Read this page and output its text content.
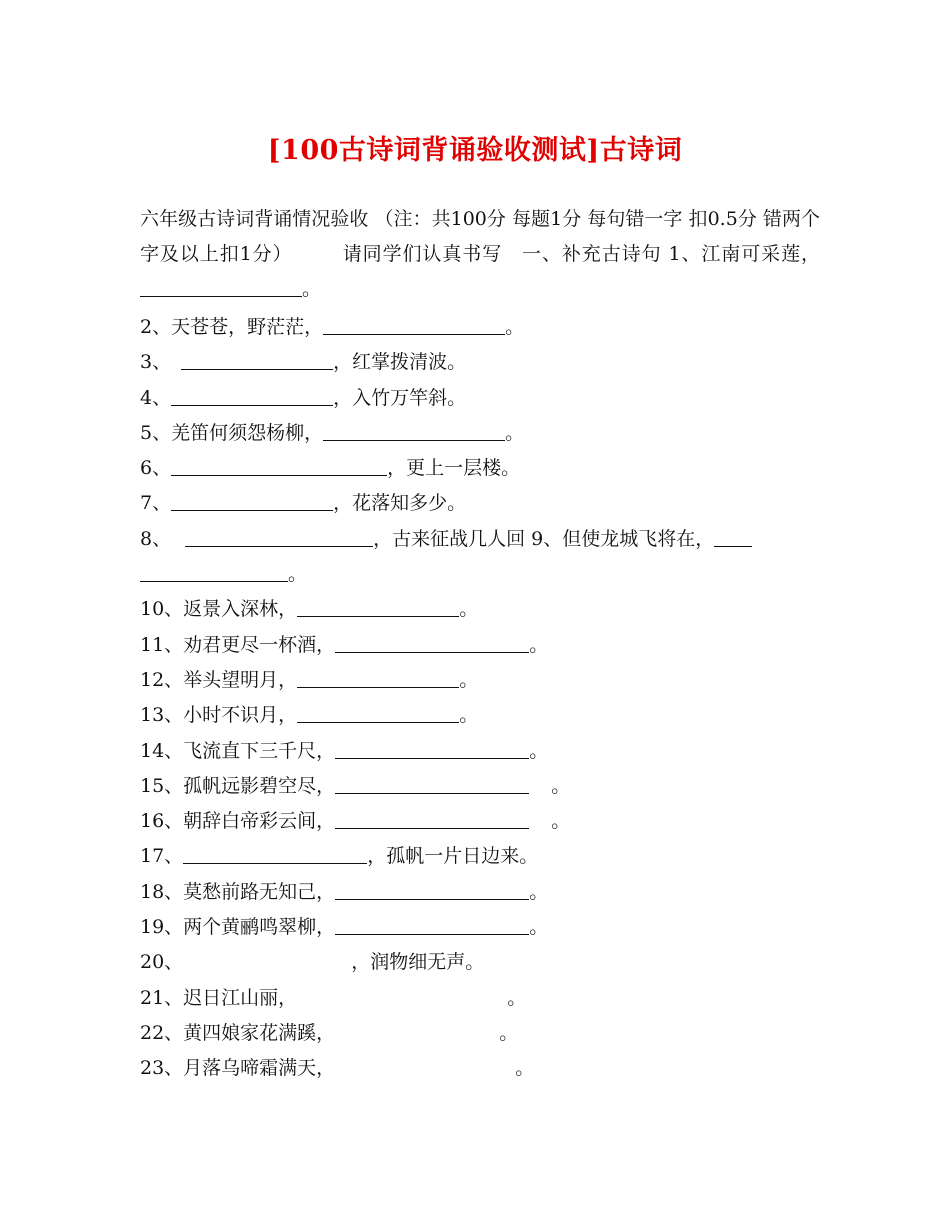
[100古诗词背诵验收测试]古诗词
六年级古诗词背诵情况验收 （注：共100分 每题1分 每句错一字 扣0.5分 错两个字及以上扣1分）　　　请同学们认真书写　一、补充古诗句 1、江南可采莲，。
2、天苍苍，野茫茫，	。
3、	，红掌拨清波。
4、	，入竹万竿斜。
5、羌笛何须怨杨柳，	。
6、	，更上一层楼。
7、	，花落知多少。
8、	，古来征战几人回 9、但使龙城飞将在，
。
10、返景入深林，	。
11、劝君更尽一杯酒，	。
12、举头望明月，	。
13、小时不识月，	。
14、飞流直下三千尺，	。
15、孤帆远影碧空尽，	。
16、朝辞白帝彩云间，	。
17、	，孤帆一片日边来。
18、莫愁前路无知己，	。
19、两个黄鹂鸣翠柳，	。
20、	，润物细无声。
21、迟日江山丽，	。
22、黄四娘家花满蹊，	。
23、月落乌啼霜满天，	。
